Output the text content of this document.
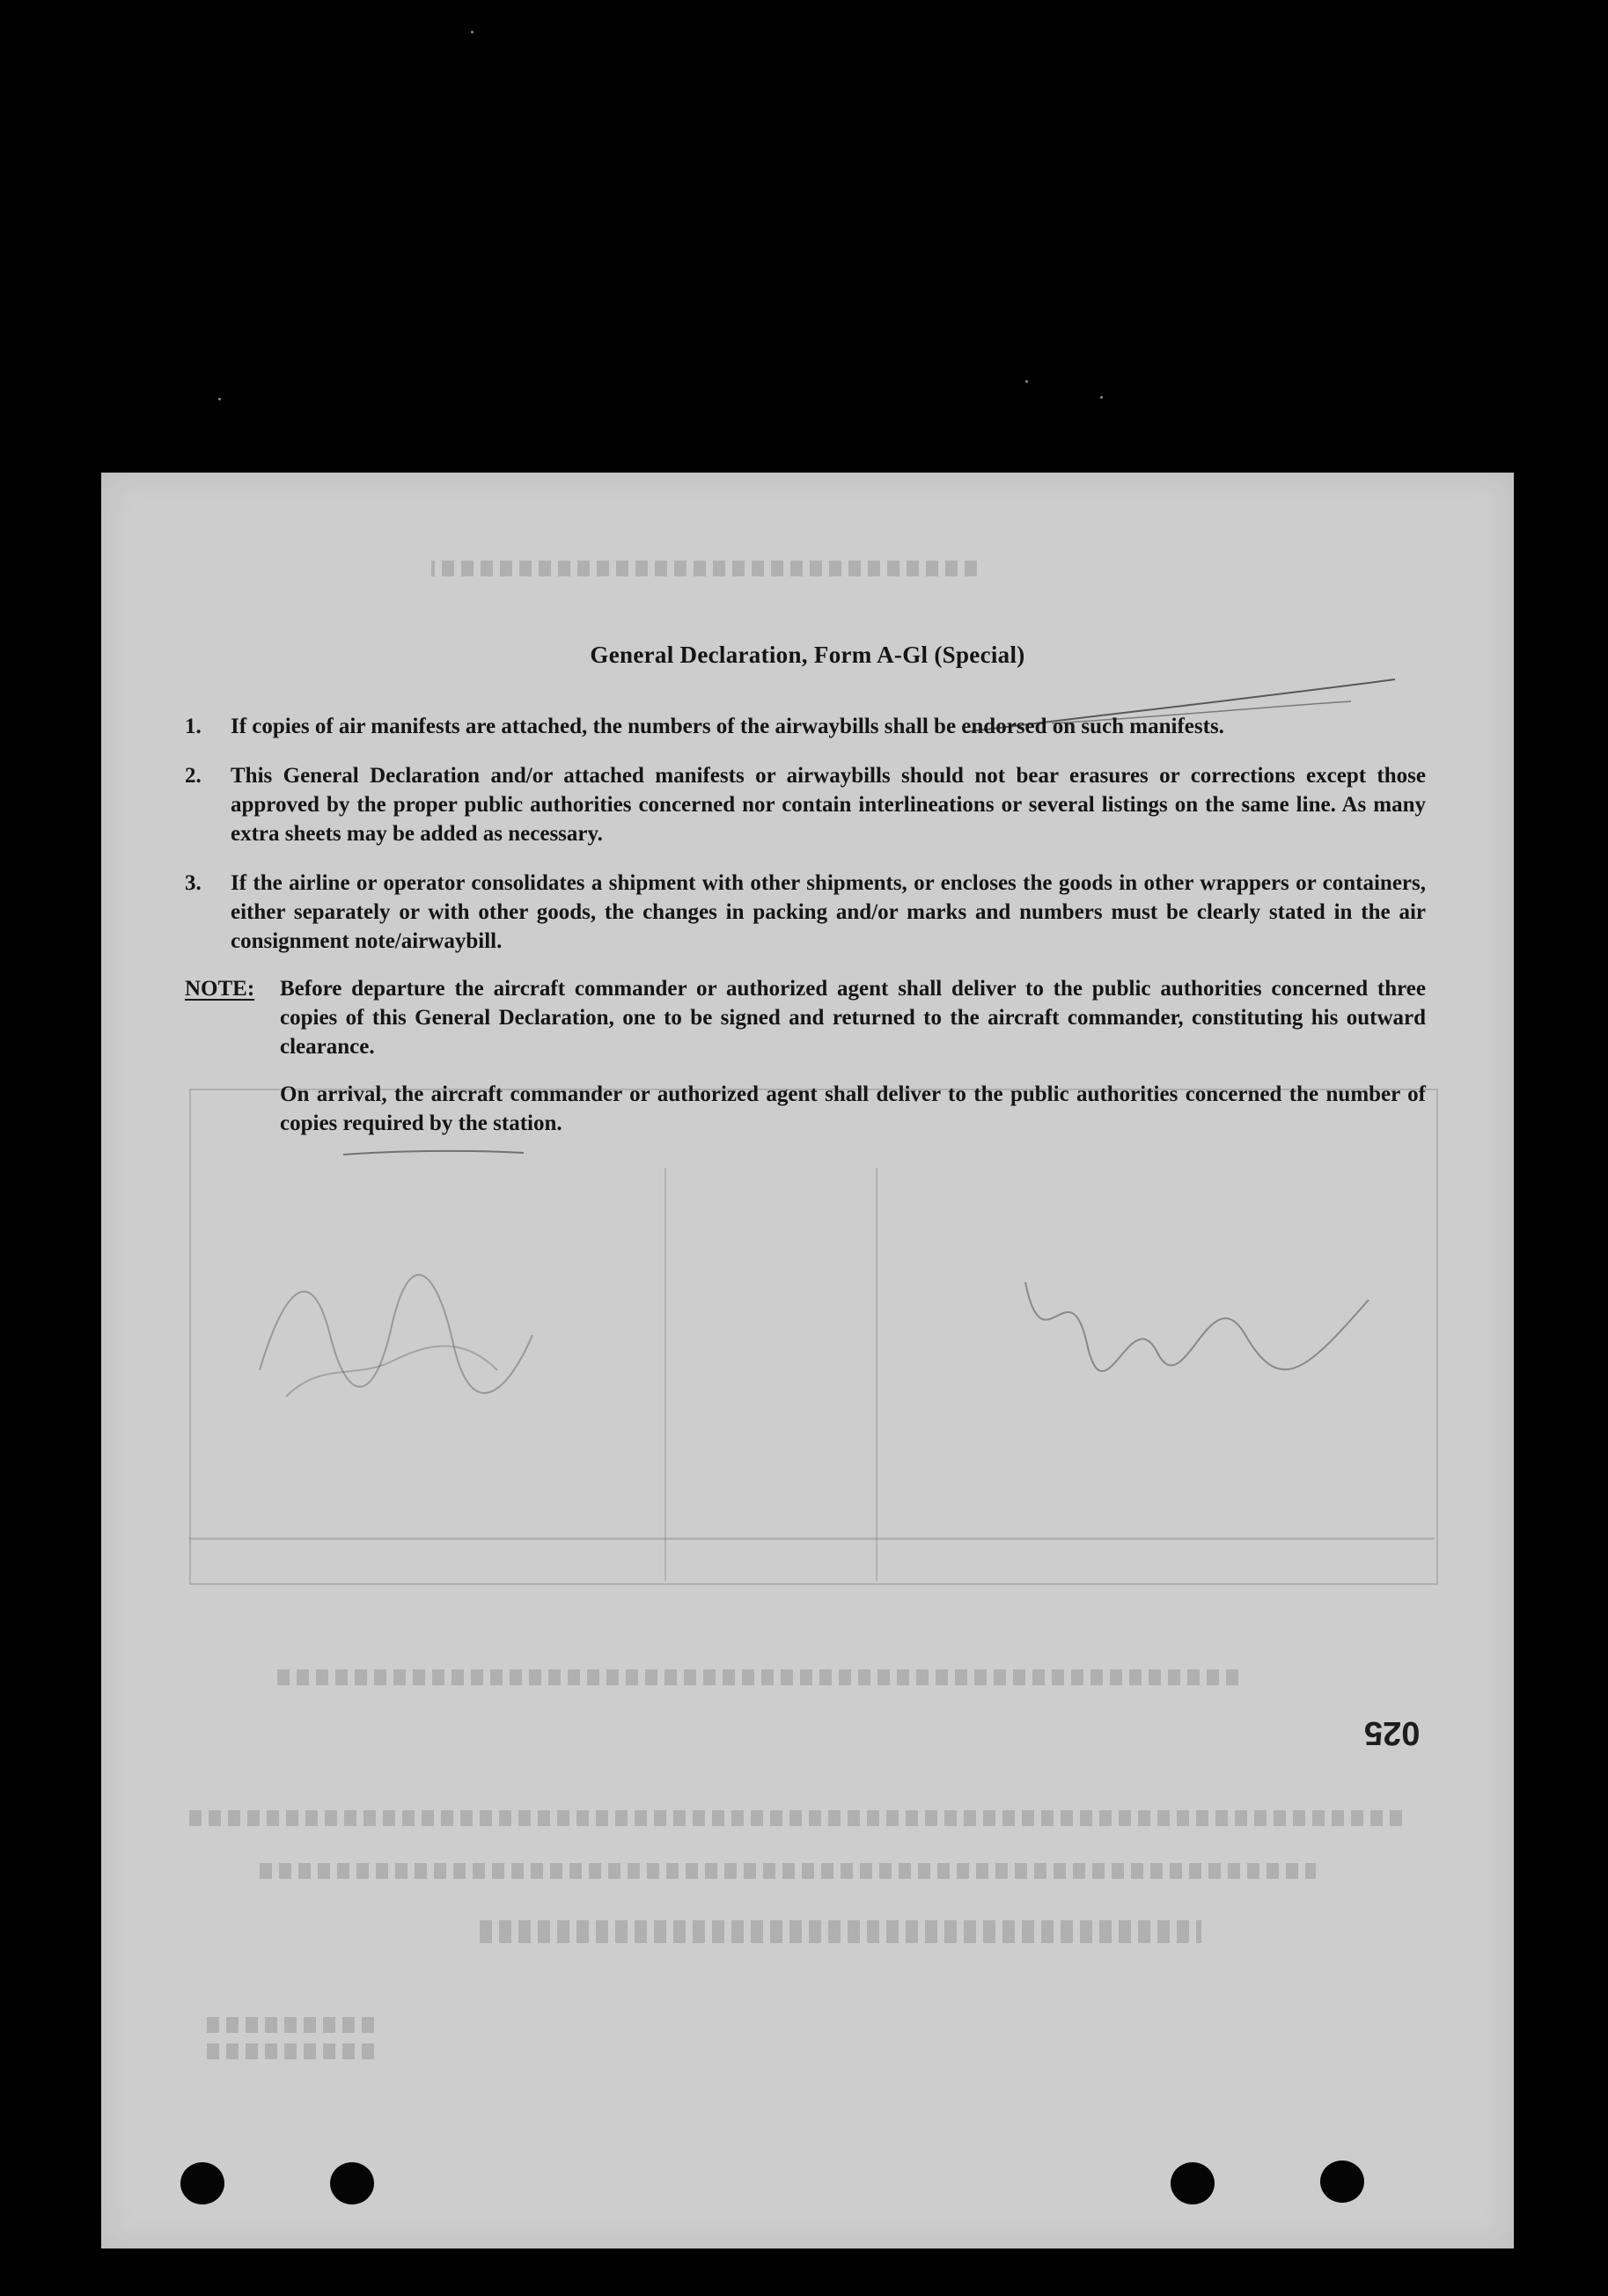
General Declaration, Form A-Gl (Special)
1.	If copies of air manifests are attached, the numbers of the airwaybills shall be endorsed on such manifests.
2.	This General Declaration and/or attached manifests or airwaybills should not bear erasures or corrections except those approved by the proper public authorities concerned nor contain interlineations or several listings on the same line. As many extra sheets may be added as necessary.
3.	If the airline or operator consolidates a shipment with other shipments, or encloses the goods in other wrappers or containers, either separately or with other goods, the changes in packing and/or marks and numbers must be clearly stated in the air consignment note/airwaybill.
NOTE: Before departure the aircraft commander or authorized agent shall deliver to the public authorities concerned three copies of this General Declaration, one to be signed and returned to the aircraft commander, constituting his outward clearance.
On arrival, the aircraft commander or authorized agent shall deliver to the public authorities concerned the number of copies required by the station.
025
